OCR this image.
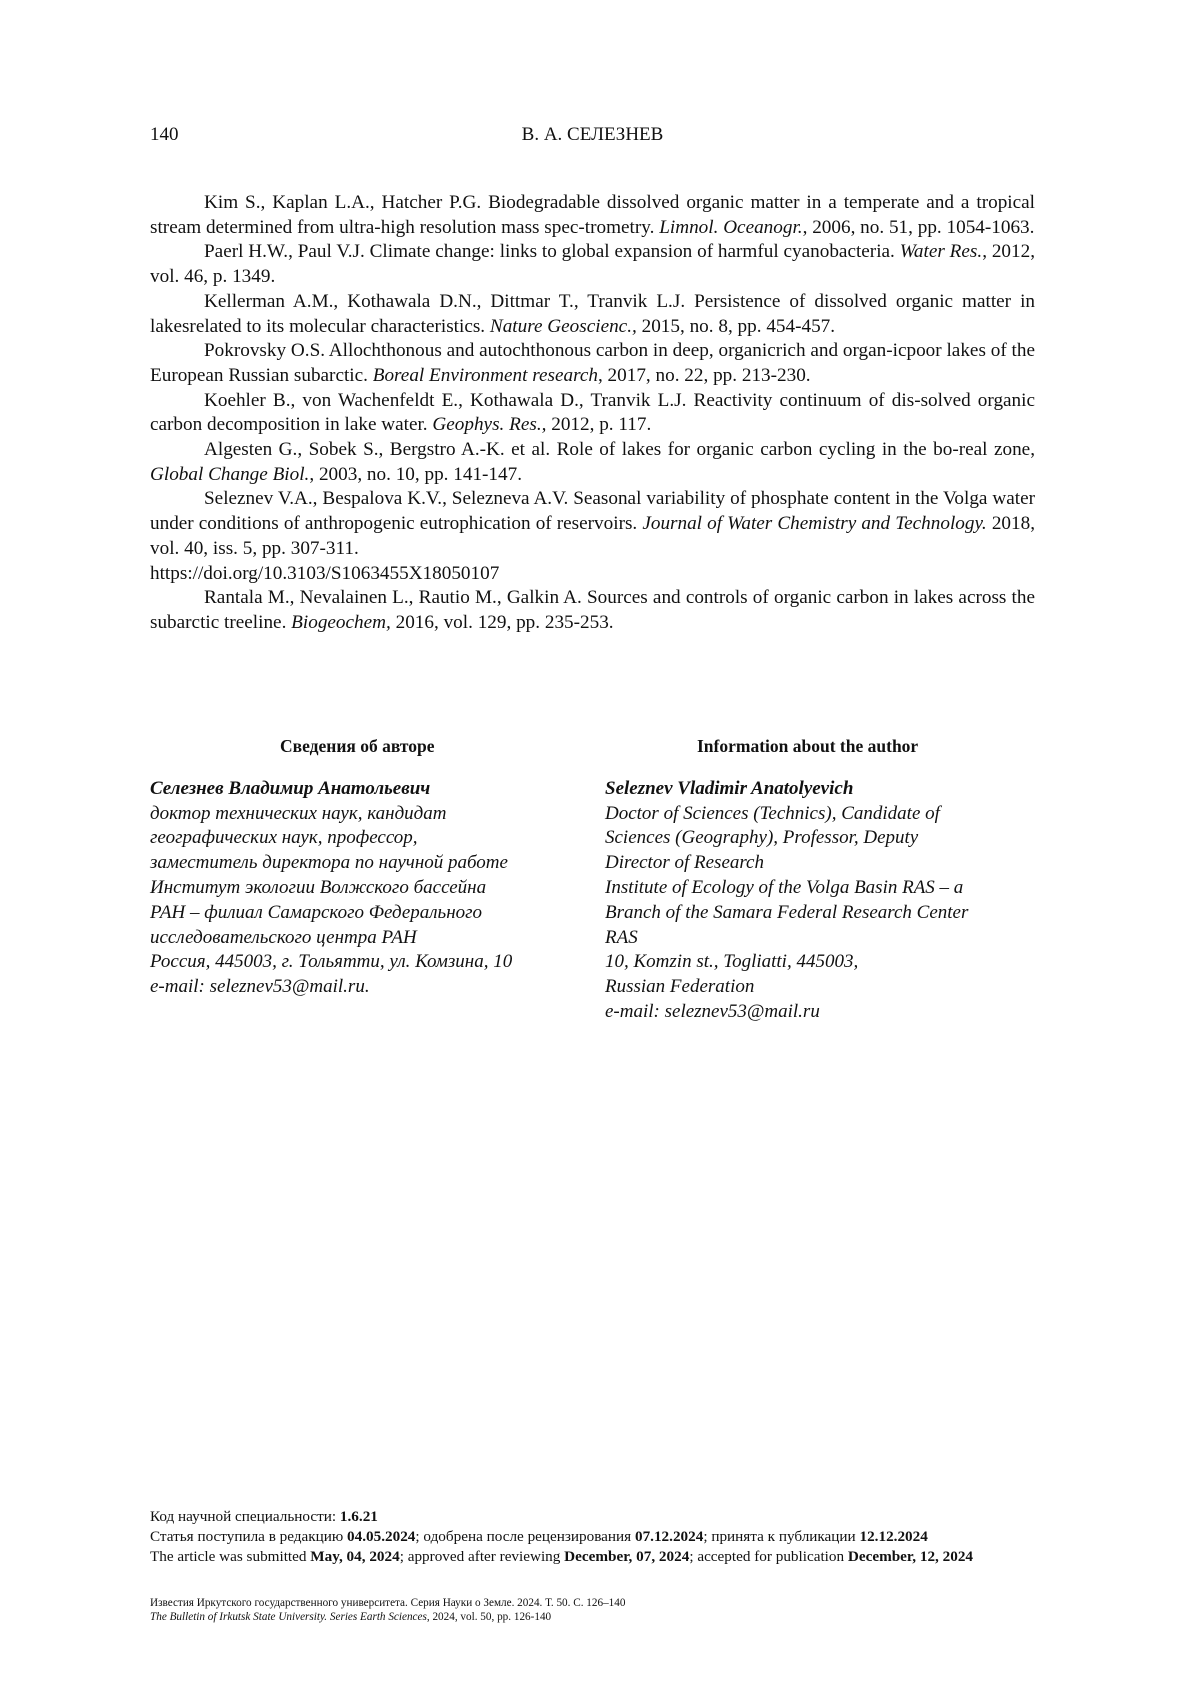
140	В. А. СЕЛЕЗНЕВ

Kim S., Kaplan L.A., Hatcher P.G. Biodegradable dissolved organic matter in a temperate and a tropical stream determined from ultra-high resolution mass spec-trometry. Limnol. Oceanogr., 2006, no. 51, pp. 1054-1063.

Paerl H.W., Paul V.J. Climate change: links to global expansion of harmful cyanobacteria. Water Res., 2012, vol. 46, p. 1349.

Kellerman A.M., Kothawala D.N., Dittmar T., Tranvik L.J. Persistence of dissolved organic matter in lakesrelated to its molecular characteristics. Nature Geoscienc., 2015, no. 8, pp. 454-457.

Pokrovsky O.S. Allochthonous and autochthonous carbon in deep, organicrich and organ-icpoor lakes of the European Russian subarctic. Boreal Environment research, 2017, no. 22, pp. 213-230.

Koehler B., von Wachenfeldt E., Kothawala D., Tranvik L.J. Reactivity continuum of dis-solved organic carbon decomposition in lake water. Geophys. Res., 2012, p. 117.

Algesten G., Sobek S., Bergstro A.-K. et al. Role of lakes for organic carbon cycling in the bo-real zone, Global Change Biol., 2003, no. 10, pp. 141-147.

Seleznev V.A., Bespalova K.V., Selezneva A.V. Seasonal variability of phosphate content in the Volga water under conditions of anthropogenic eutrophication of reservoirs. Journal of Water Chemistry and Technology. 2018, vol. 40, iss. 5, pp. 307-311.
https://doi.org/10.3103/S1063455X18050107

Rantala M., Nevalainen L., Rautio M., Galkin A. Sources and controls of organic carbon in lakes across the subarctic treeline. Biogeochem, 2016, vol. 129, pp. 235-253.

Сведения об авторе
Селезнев Владимир Анатольевич
доктор технических наук, кандидат
географических наук, профессор,
заместитель директора по научной работе
Институт экологии Волжского бассейна
РАН – филиал Самарского Федерального
исследовательского центра РАН
Россия, 445003, г. Тольятти, ул. Комзина, 10
e-mail: seleznev53@mail.ru.
Information about the author
Seleznev Vladimir Anatolyevich
Doctor of Sciences (Technics), Candidate of
Sciences (Geography), Professor, Deputy
Director of Research
Institute of Ecology of the Volga Basin RAS – a
Branch of the Samara Federal Research Center
RAS
10, Komzin st., Togliatti, 445003,
Russian Federation
e-mail: seleznev53@mail.ru
Код научной специальности: 1.6.21
Статья поступила в редакцию 04.05.2024; одобрена после рецензирования 07.12.2024; принята к публикации 12.12.2024
The article was submitted May, 04, 2024; approved after reviewing December, 07, 2024; accepted for publication December, 12, 2024
Известия Иркутского государственного университета. Серия Науки о Земле. 2024. Т. 50. С. 126–140
The Bulletin of Irkutsk State University. Series Earth Sciences, 2024, vol. 50, pp. 126-140
